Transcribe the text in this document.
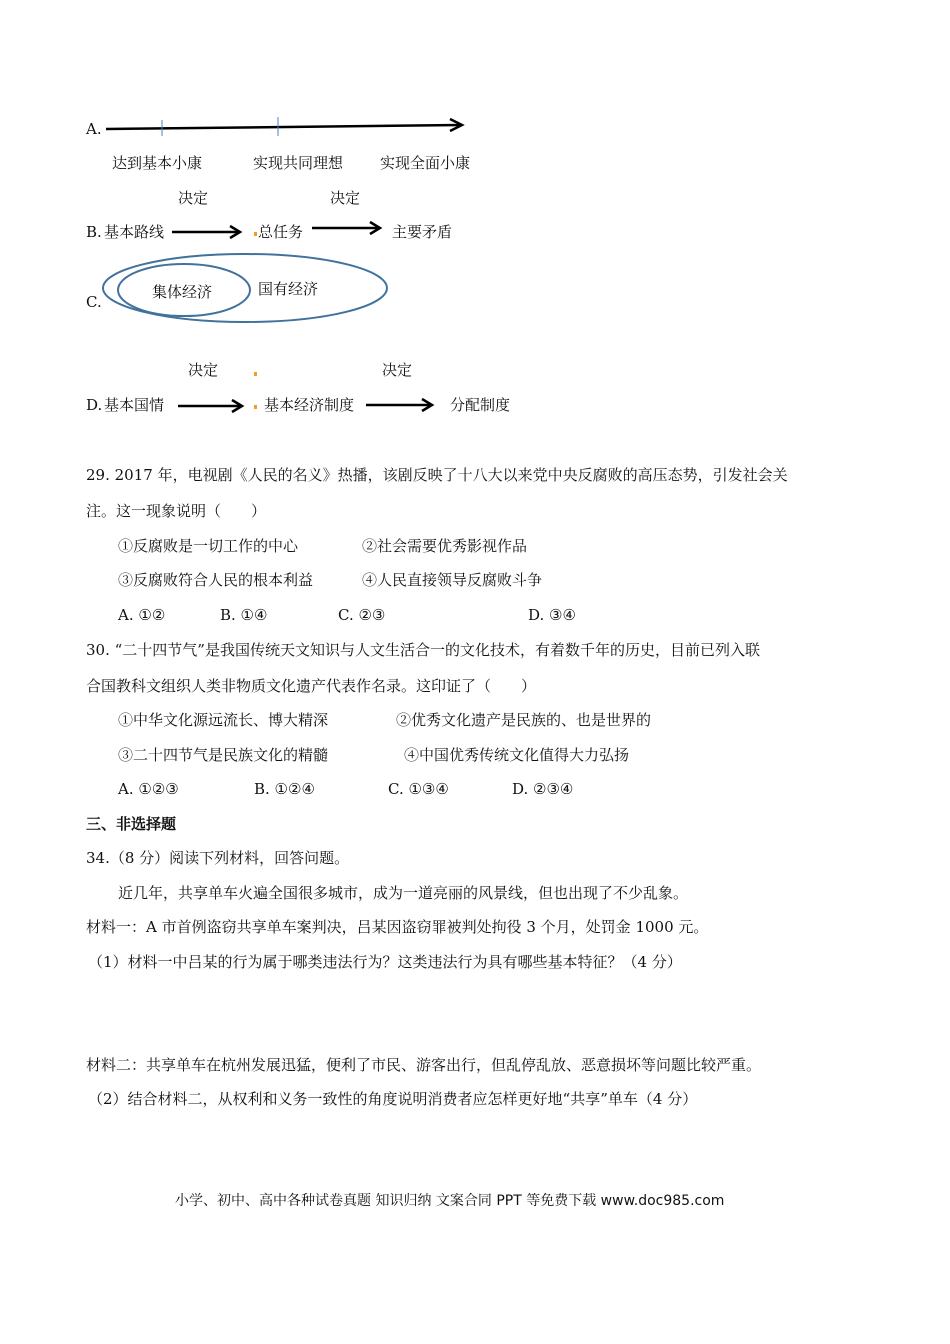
A.
达到基本小康	实现共同理想 实现全面小康
决定	决定
B. 基本路线	总任务	主要矛盾
C.
集体经济	国有经济
决定	决定
D. 基本国情	基本经济制度	分配制度
29. 2017 年，电视剧《人民的名义》热播，该剧反映了十八大以来党中央反腐败的高压态势，引发社会关
注。这一现象说明（　　）
①反腐败是一切工作的中心	②社会需要优秀影视作品
③反腐败符合人民的根本利益	④人民直接领导反腐败斗争
A. ①②	B. ①④	C. ②③	D. ③④
30. “二十四节气”是我国传统天文知识与人文生活合一的文化技术，有着数千年的历史，目前已列入联
合国教科文组织人类非物质文化遗产代表作名录。这印证了（　　）
①中华文化源远流长、博大精深	②优秀文化遗产是民族的、也是世界的
③二十四节气是民族文化的精髓	④中国优秀传统文化值得大力弘扬
A. ①②③	B. ①②④	C. ①③④	D. ②③④
三、非选择题
34.（8 分）阅读下列材料，回答问题。
近几年，共享单车火遍全国很多城市，成为一道亮丽的风景线，但也出现了不少乱象。
材料一：A 市首例盗窃共享单车案判决，吕某因盗窃罪被判处拘役 3 个月，处罚金 1000 元。
（1）材料一中吕某的行为属于哪类违法行为？这类违法行为具有哪些基本特征？（4 分）
材料二：共享单车在杭州发展迅猛，便利了市民、游客出行，但乱停乱放、恶意损坏等问题比较严重。
（2）结合材料二，从权利和义务一致性的角度说明消费者应怎样更好地“共享”单车（4 分）
小学、初中、高中各种试卷真题 知识归纳 文案合同 PPT 等免费下载 www.doc985.com
